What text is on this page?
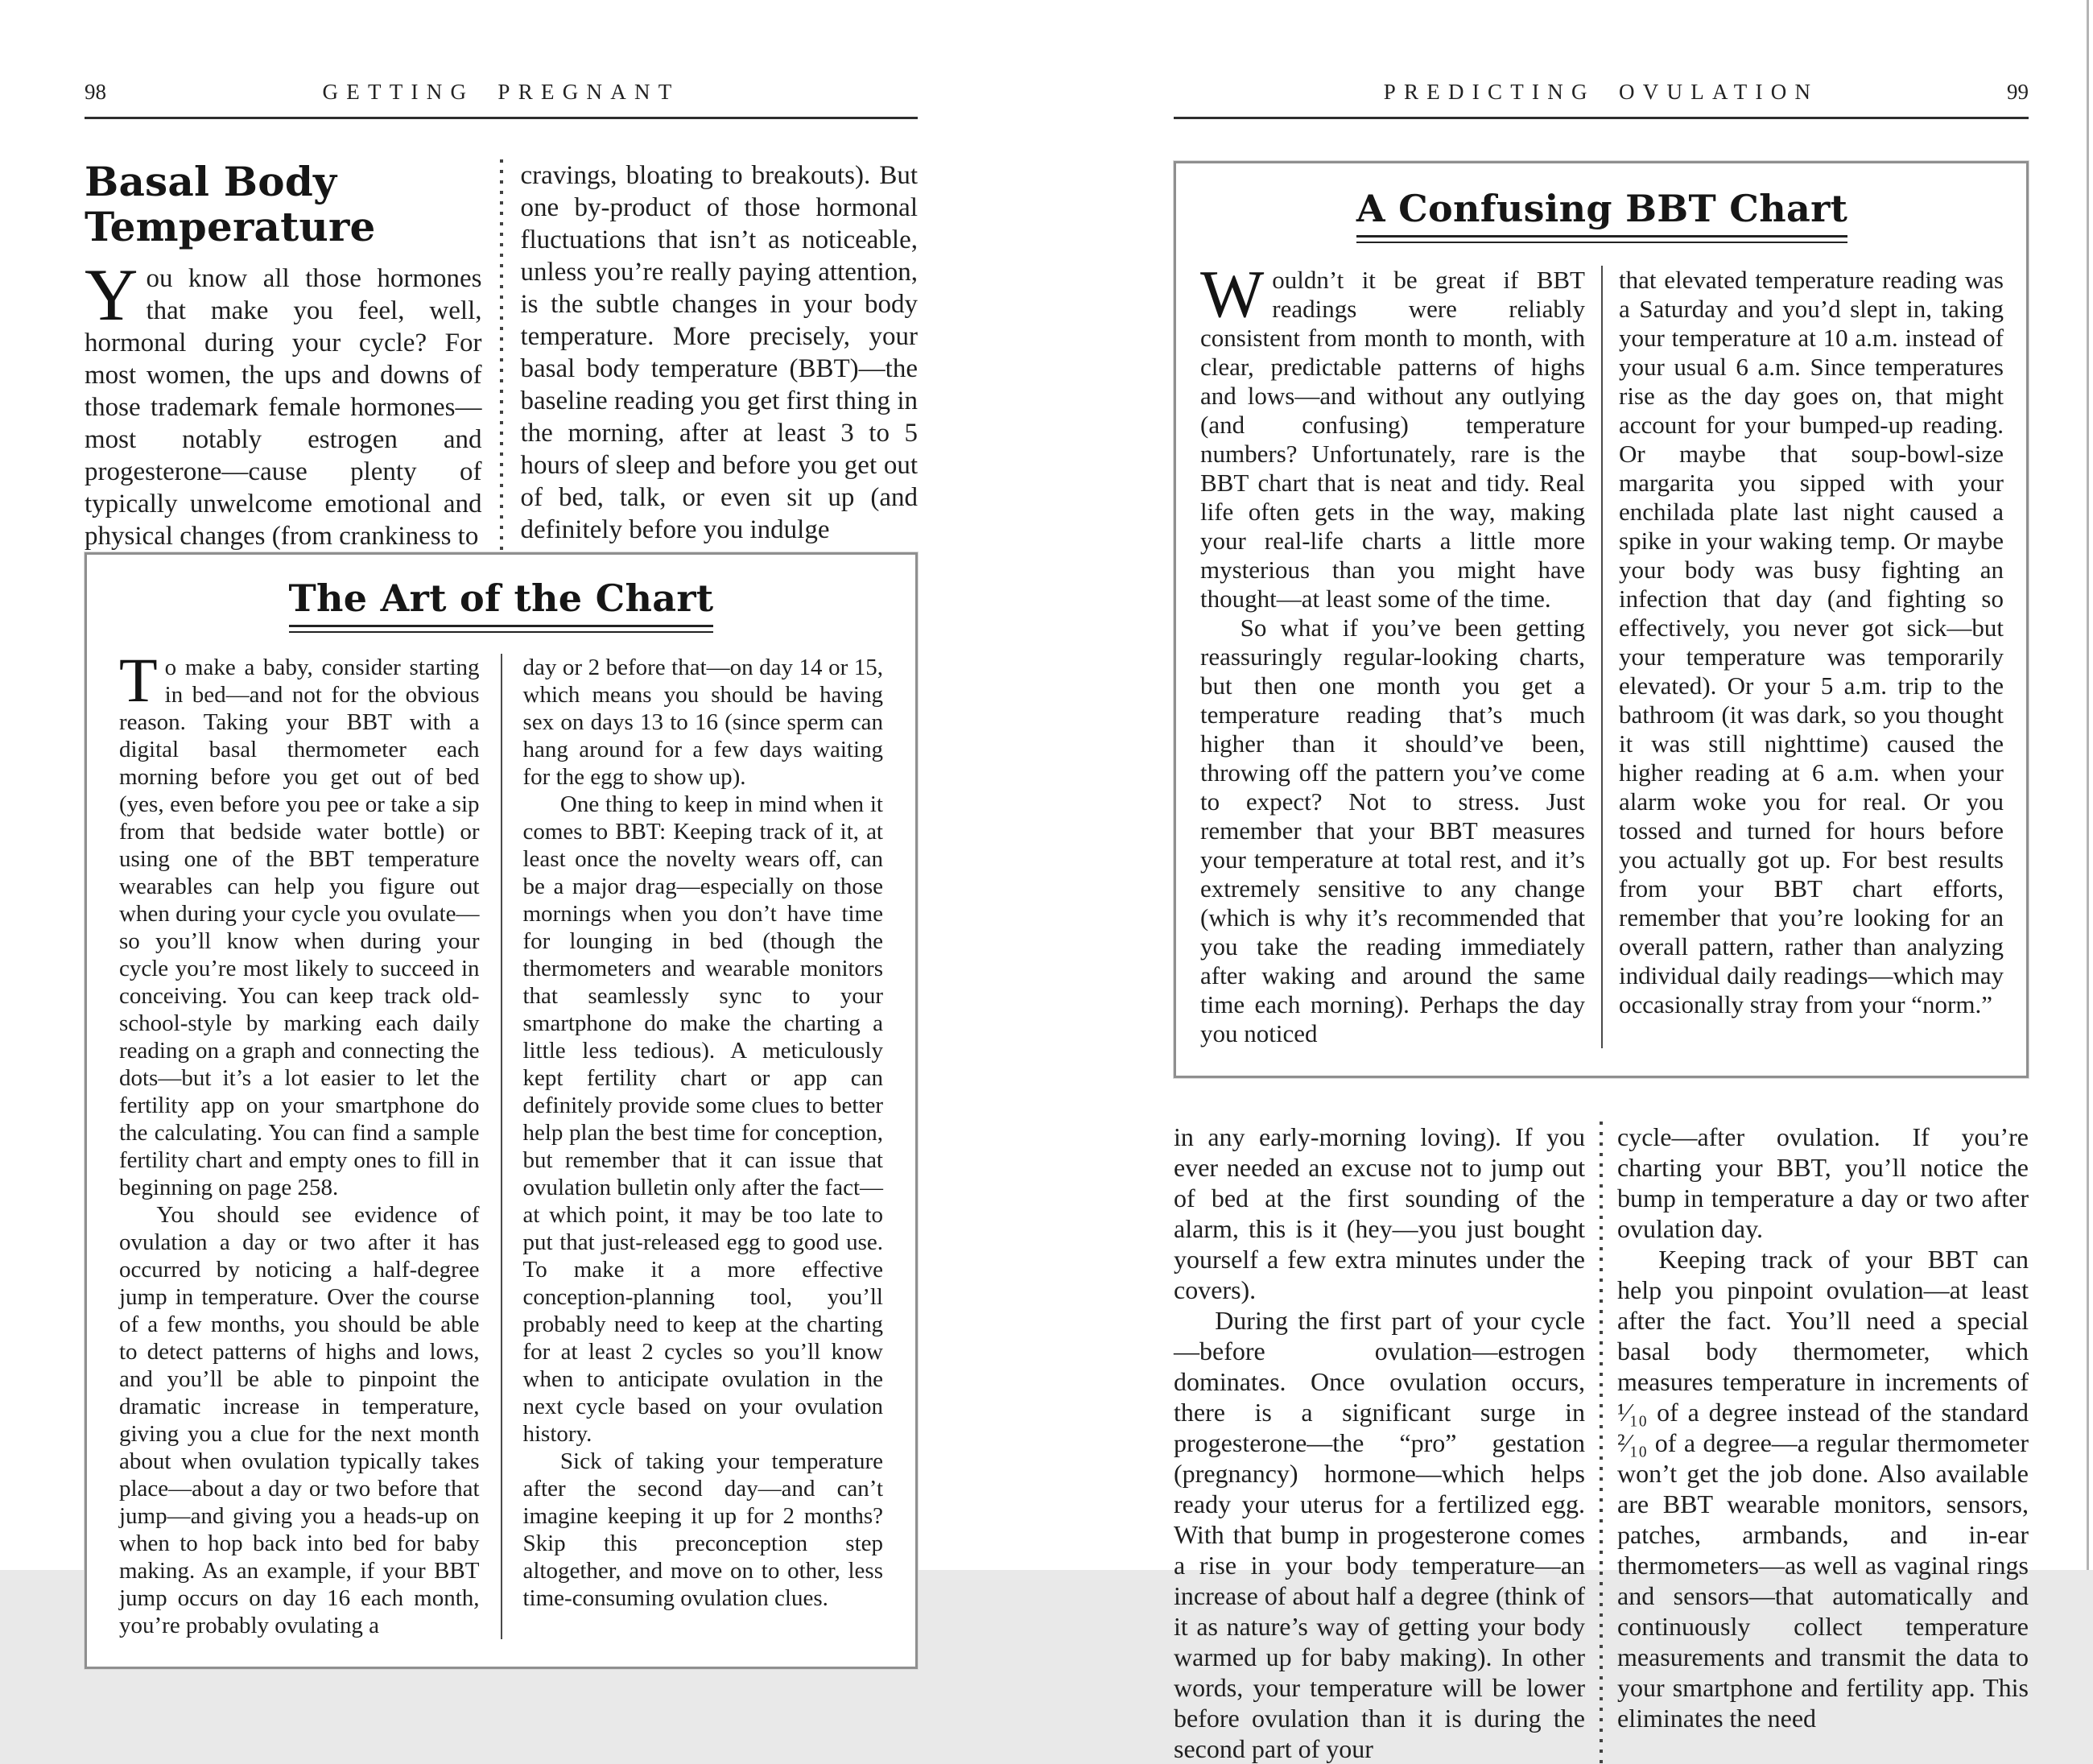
98	GETTING PREGNANT
Basal Body
Temperature

You know all those hormones that make you feel, well, hormonal during your cycle? For most women, the ups and downs of those trademark female hormones—most notably estrogen and progesterone—cause plenty of typically unwelcome emotional and physical changes (from crankiness to

cravings, bloating to breakouts). But one by-product of those hormonal fluctuations that isn’t as noticeable, unless you’re really paying attention, is the subtle changes in your body temperature. More precisely, your basal body temperature (BBT)—the baseline reading you get first thing in the morning, after at least 3 to 5 hours of sleep and before you get out of bed, talk, or even sit up (and definitely before you indulge

The Art of the Chart

To make a baby, consider starting in bed—and not for the obvious reason. Taking your BBT with a digital basal thermometer each morning before you get out of bed (yes, even before you pee or take a sip from that bedside water bottle) or using one of the BBT temperature wearables can help you figure out when during your cycle you ovulate—so you’ll know when during your cycle you’re most likely to succeed in conceiving. You can keep track old-school-style by marking each daily reading on a graph and connecting the dots—but it’s a lot easier to let the fertility app on your smartphone do the calculating. You can find a sample fertility chart and empty ones to fill in beginning on page 258.

You should see evidence of ovulation a day or two after it has occurred by noticing a half-degree jump in temperature. Over the course of a few months, you should be able to detect patterns of highs and lows, and you’ll be able to pinpoint the dramatic increase in temperature, giving you a clue for the next month about when ovulation typically takes place—about a day or two before that jump—and giving you a heads-up on when to hop back into bed for baby making. As an example, if your BBT jump occurs on day 16 each month, you’re probably ovulating a

day or 2 before that—on day 14 or 15, which means you should be having sex on days 13 to 16 (since sperm can hang around for a few days waiting for the egg to show up).

One thing to keep in mind when it comes to BBT: Keeping track of it, at least once the novelty wears off, can be a major drag—especially on those mornings when you don’t have time for lounging in bed (though the thermometers and wearable monitors that seamlessly sync to your smartphone do make the charting a little less tedious). A meticulously kept fertility chart or app can definitely provide some clues to better help plan the best time for conception, but remember that it can issue that ovulation bulletin only after the fact—at which point, it may be too late to put that just-released egg to good use. To make it a more effective conception-planning tool, you’ll probably need to keep at the charting for at least 2 cycles so you’ll know when to anticipate ovulation in the next cycle based on your ovulation history.

Sick of taking your temperature after the second day—and can’t imagine keeping it up for 2 months? Skip this preconception step altogether, and move on to other, less time-consuming ovulation clues.

PREDICTING OVULATION	99
A Confusing BBT Chart

Wouldn’t it be great if BBT readings were reliably consistent from month to month, with clear, predictable patterns of highs and lows—and without any outlying (and confusing) temperature numbers? Unfortunately, rare is the BBT chart that is neat and tidy. Real life often gets in the way, making your real-life charts a little more mysterious than you might have thought—at least some of the time.

So what if you’ve been getting reassuringly regular-looking charts, but then one month you get a temperature reading that’s much higher than it should’ve been, throwing off the pattern you’ve come to expect? Not to stress. Just remember that your BBT measures your temperature at total rest, and it’s extremely sensitive to any change (which is why it’s recommended that you take the reading immediately after waking and around the same time each morning). Perhaps the day you noticed

that elevated temperature reading was a Saturday and you’d slept in, taking your temperature at 10 a.m. instead of your usual 6 a.m. Since temperatures rise as the day goes on, that might account for your bumped-up reading. Or maybe that soup-bowl-size margarita you sipped with your enchilada plate last night caused a spike in your waking temp. Or maybe your body was busy fighting an infection that day (and fighting so effectively, you never got sick—but your temperature was temporarily elevated). Or your 5 a.m. trip to the bathroom (it was dark, so you thought it was still nighttime) caused the higher reading at 6 a.m. when your alarm woke you for real. Or you tossed and turned for hours before you actually got up. For best results from your BBT chart efforts, remember that you’re looking for an overall pattern, rather than analyzing individual daily readings—which may occasionally stray from your “norm.”

in any early-morning loving). If you ever needed an excuse not to jump out of bed at the first sounding of the alarm, this is it (hey—you just bought yourself a few extra minutes under the covers).

During the first part of your cycle—before ovulation—estrogen dominates. Once ovulation occurs, there is a significant surge in progesterone—the “pro” gestation (pregnancy) hormone—which helps ready your uterus for a fertilized egg. With that bump in progesterone comes a rise in your body temperature—an increase of about half a degree (think of it as nature’s way of getting your body warmed up for baby making). In other words, your temperature will be lower before ovulation than it is during the second part of your

cycle—after ovulation. If you’re charting your BBT, you’ll notice the bump in temperature a day or two after ovulation day.

Keeping track of your BBT can help you pinpoint ovulation—at least after the fact. You’ll need a special basal body thermometer, which measures temperature in increments of ¹⁄₁₀ of a degree instead of the standard ²⁄₁₀ of a degree—a regular thermometer won’t get the job done. Also available are BBT wearable monitors, sensors, patches, armbands, and in-ear thermometers—as well as vaginal rings and sensors—that automatically and continuously collect temperature measurements and transmit the data to your smartphone and fertility app. This eliminates the need
